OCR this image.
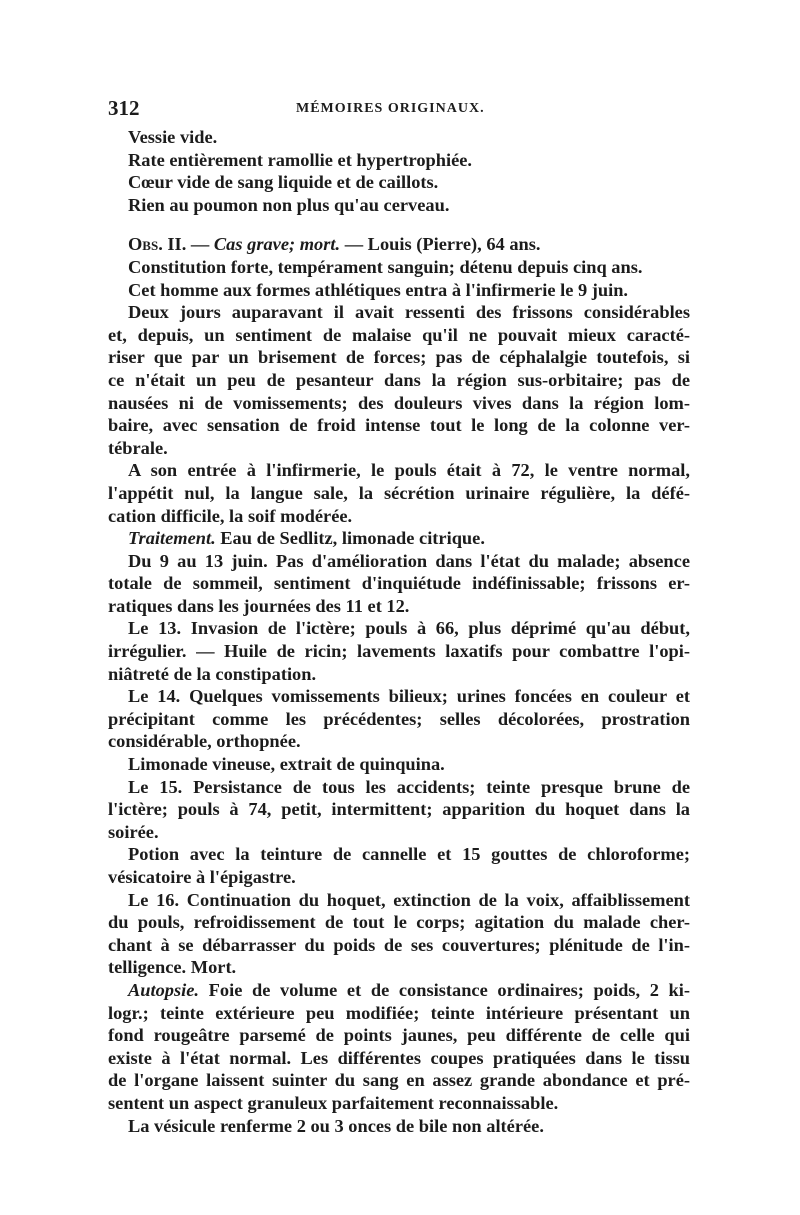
312	MÉMOIRES ORIGINAUX.
Vessie vide.
Rate entièrement ramollie et hypertrophiée.
Cœur vide de sang liquide et de caillots.
Rien au poumon non plus qu'au cerveau.
Obs. II. — Cas grave; mort. — Louis (Pierre), 64 ans.
Constitution forte, tempérament sanguin; détenu depuis cinq ans.
Cet homme aux formes athlétiques entra à l'infirmerie le 9 juin.
Deux jours auparavant il avait ressenti des frissons considérables
et, depuis, un sentiment de malaise qu'il ne pouvait mieux caracté-
riser que par un brisement de forces; pas de céphalalgie toutefois, si
ce n'était un peu de pesanteur dans la région sus-orbitaire; pas de
nausées ni de vomissements; des douleurs vives dans la région lom-
baire, avec sensation de froid intense tout le long de la colonne ver-
tébrale.
A son entrée à l'infirmerie, le pouls était à 72, le ventre normal,
l'appétit nul, la langue sale, la sécrétion urinaire régulière, la défé-
cation difficile, la soif modérée.
Traitement. Eau de Sedlitz, limonade citrique.
Du 9 au 13 juin. Pas d'amélioration dans l'état du malade; absence
totale de sommeil, sentiment d'inquiétude indéfinissable; frissons er-
ratiques dans les journées des 11 et 12.
Le 13. Invasion de l'ictère; pouls à 66, plus déprimé qu'au début,
irrégulier. — Huile de ricin; lavements laxatifs pour combattre l'opi-
niâtreté de la constipation.
Le 14. Quelques vomissements bilieux; urines foncées en couleur et
précipitant comme les précédentes; selles décolorées, prostration
considérable, orthopnée.
Limonade vineuse, extrait de quinquina.
Le 15. Persistance de tous les accidents; teinte presque brune de
l'ictère; pouls à 74, petit, intermittent; apparition du hoquet dans la
soirée.
Potion avec la teinture de cannelle et 15 gouttes de chloroforme;
vésicatoire à l'épigastre.
Le 16. Continuation du hoquet, extinction de la voix, affaiblissement
du pouls, refroidissement de tout le corps; agitation du malade cher-
chant à se débarrasser du poids de ses couvertures; plénitude de l'in-
telligence. Mort.
Autopsie. Foie de volume et de consistance ordinaires; poids, 2 ki-
logr.; teinte extérieure peu modifiée; teinte intérieure présentant un
fond rougeâtre parsemé de points jaunes, peu différente de celle qui
existe à l'état normal. Les différentes coupes pratiquées dans le tissu
de l'organe laissent suinter du sang en assez grande abondance et pré-
sentent un aspect granuleux parfaitement reconnaissable.
La vésicule renferme 2 ou 3 onces de bile non altérée.
